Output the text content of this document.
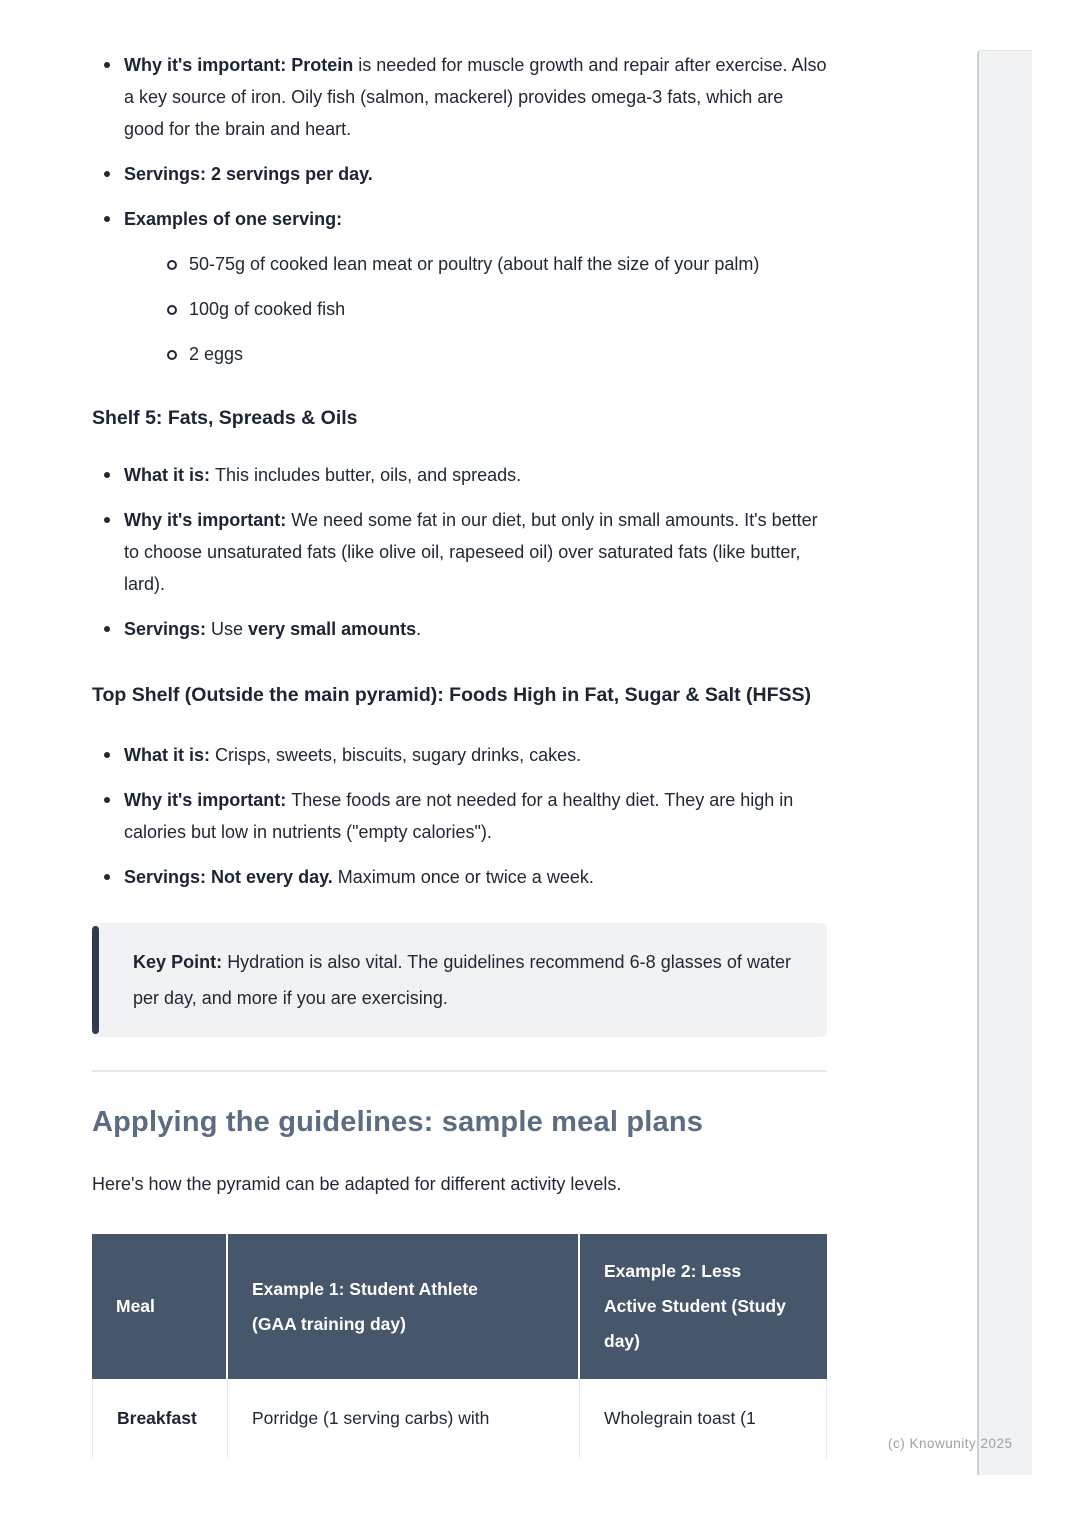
Why it's important: Protein is needed for muscle growth and repair after exercise. Also a key source of iron. Oily fish (salmon, mackerel) provides omega-3 fats, which are good for the brain and heart.
Servings: 2 servings per day.
Examples of one serving:
50-75g of cooked lean meat or poultry (about half the size of your palm)
100g of cooked fish
2 eggs
Shelf 5: Fats, Spreads & Oils
What it is: This includes butter, oils, and spreads.
Why it's important: We need some fat in our diet, but only in small amounts. It's better to choose unsaturated fats (like olive oil, rapeseed oil) over saturated fats (like butter, lard).
Servings: Use very small amounts.
Top Shelf (Outside the main pyramid): Foods High in Fat, Sugar & Salt (HFSS)
What it is: Crisps, sweets, biscuits, sugary drinks, cakes.
Why it's important: These foods are not needed for a healthy diet. They are high in calories but low in nutrients ("empty calories").
Servings: Not every day. Maximum once or twice a week.
Key Point: Hydration is also vital. The guidelines recommend 6-8 glasses of water per day, and more if you are exercising.
Applying the guidelines: sample meal plans

Here's how the pyramid can be adapted for different activity levels.

Meal	Example 1: Student Athlete (GAA training day)	Example 2: Less Active Student (Study day)
Breakfast	Porridge (1 serving carbs) with	Wholegrain toast (1
(c) Knowunity 2025
